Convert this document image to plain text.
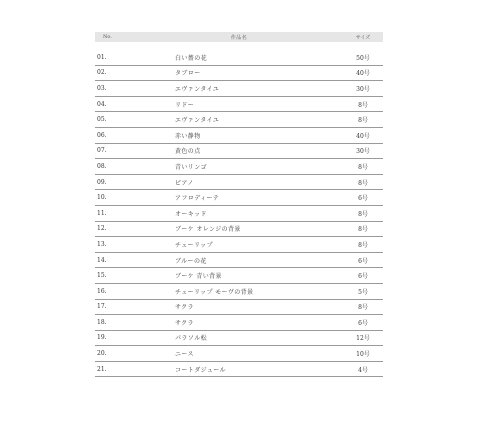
No.	作品名	サイズ
01.	白い薔の花	50号
02.	タブロー	40号
03.	エヴァンタイユ	30号
04.	リドー	8号
05.	エヴァンタイユ	8号
06.	赤い静物	40号
07.	黄色の点	30号
08.	青いリンゴ	8号
09.	ピアノ	8号
10.	アフロディーテ	6号
11.	オーキッド	8号
12.	ブーケ オレンジの背景	8号
13.	チューリップ	8号
14.	ブルーの花	6号
15.	ブーケ 青い背景	6号
16.	チューリップ モーヴの背景	5号
17.	サクラ	8号
18.	サクラ	6号
19.	パラソル松	12号
20.	ニース	10号
21.	コートダジュール	4号
